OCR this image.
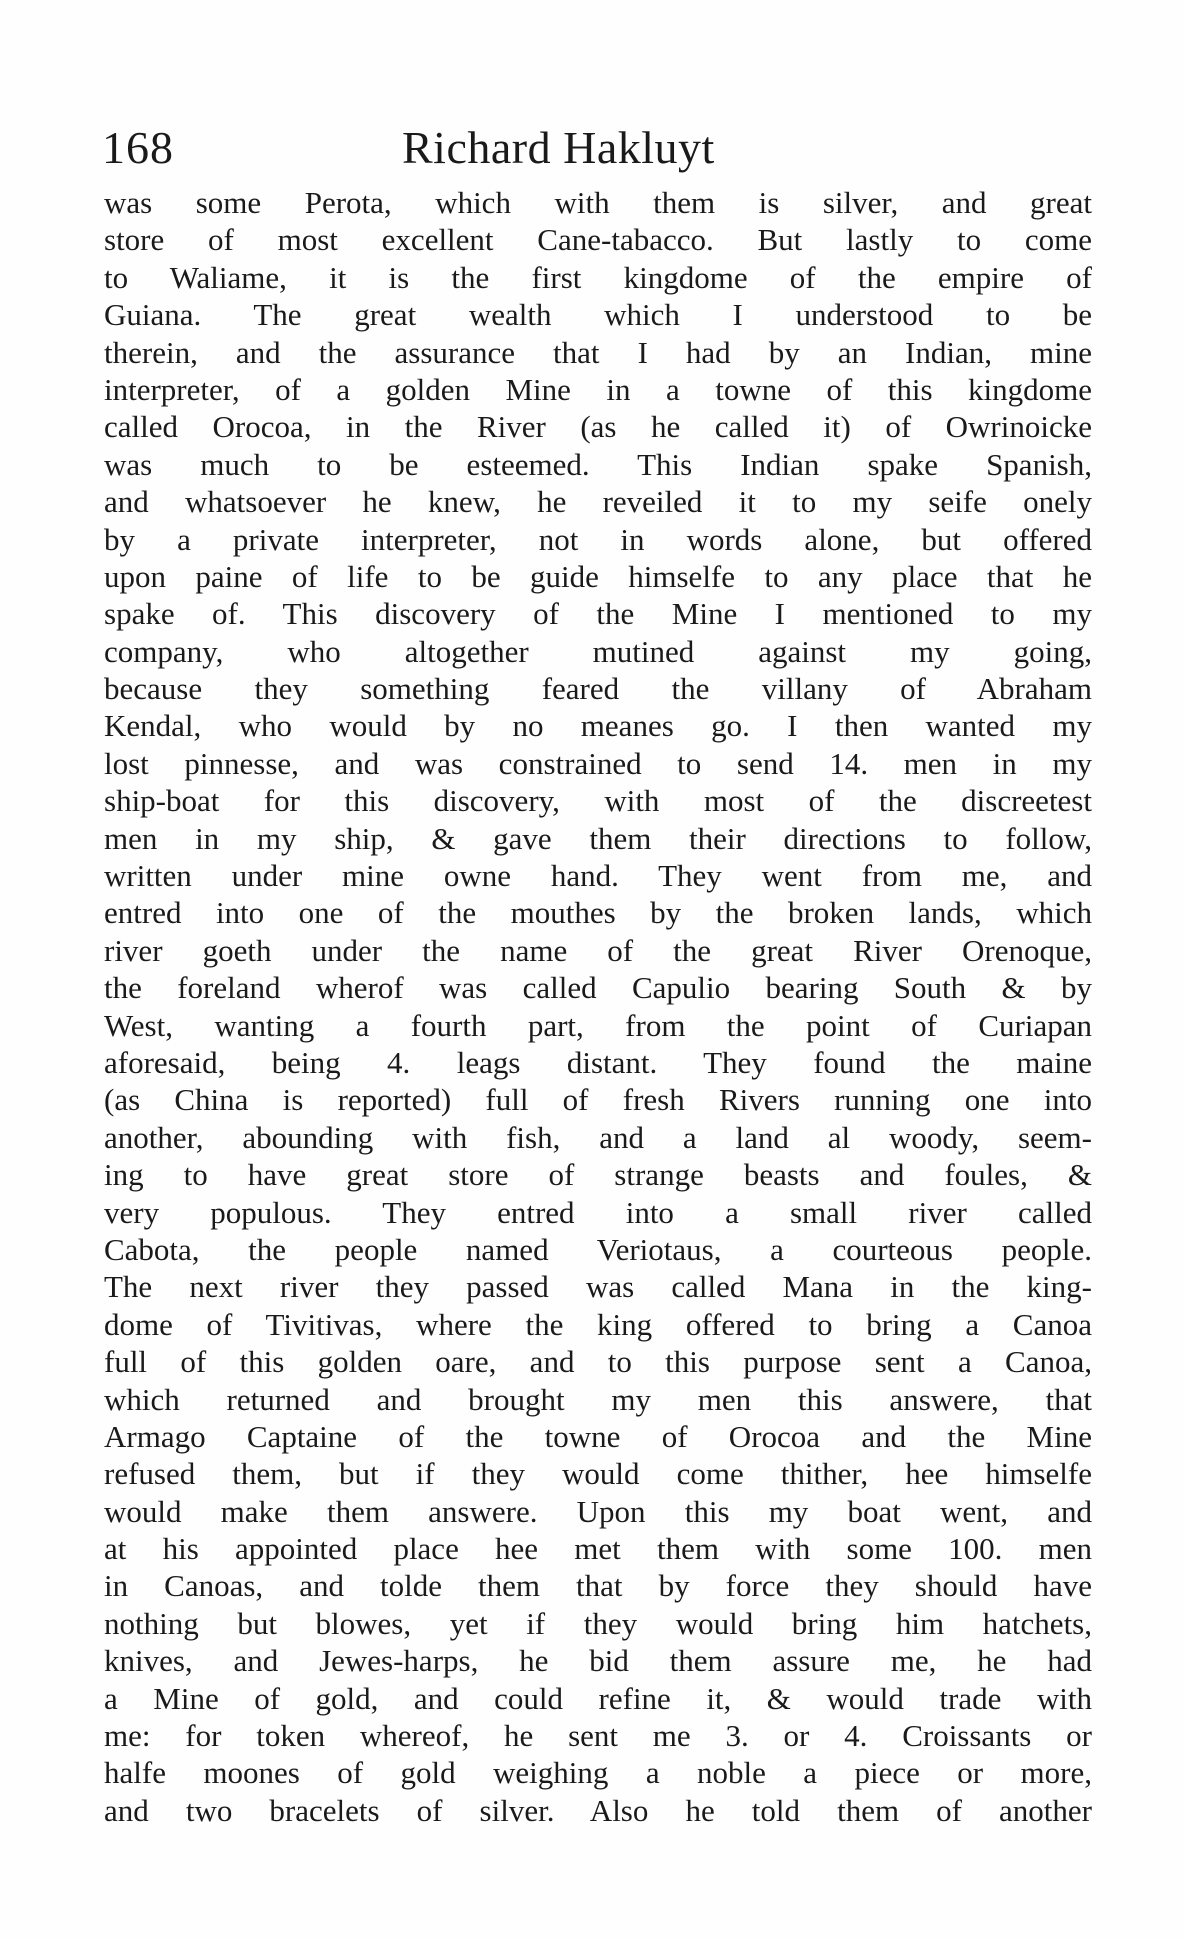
168	Richard Hakluyt
was some Perota, which with them is silver, and great
store of most excellent Cane-tabacco. But lastly to come
to Waliame, it is the first kingdome of the empire of
Guiana. The great wealth which I understood to be
therein, and the assurance that I had by an Indian, mine
interpreter, of a golden Mine in a towne of this kingdome
called Orocoa, in the River (as he called it) of Owrinoicke
was much to be esteemed. This Indian spake Spanish,
and whatsoever he knew, he reveiled it to my seife onely
by a private interpreter, not in words alone, but offered
upon paine of life to be guide himselfe to any place that he
spake of. This discovery of the Mine I mentioned to my
company, who altogether mutined against my going,
because they something feared the villany of Abraham
Kendal, who would by no meanes go. I then wanted my
lost pinnesse, and was constrained to send 14. men in my
ship-boat for this discovery, with most of the discreetest
men in my ship, & gave them their directions to follow,
written under mine owne hand. They went from me, and
entred into one of the mouthes by the broken lands, which
river goeth under the name of the great River Orenoque,
the foreland wherof was called Capulio bearing South & by
West, wanting a fourth part, from the point of Curiapan
aforesaid, being 4. leags distant. They found the maine
(as China is reported) full of fresh Rivers running one into
another, abounding with fish, and a land al woody, seem-
ing to have great store of strange beasts and foules, &
very populous. They entred into a small river called
Cabota, the people named Veriotaus, a courteous people.
The next river they passed was called Mana in the king-
dome of Tivitivas, where the king offered to bring a Canoa
full of this golden oare, and to this purpose sent a Canoa,
which returned and brought my men this answere, that
Armago Captaine of the towne of Orocoa and the Mine
refused them, but if they would come thither, hee himselfe
would make them answere. Upon this my boat went, and
at his appointed place hee met them with some 100. men
in Canoas, and tolde them that by force they should have
nothing but blowes, yet if they would bring him hatchets,
knives, and Jewes-harps, he bid them assure me, he had
a Mine of gold, and could refine it, & would trade with
me: for token whereof, he sent me 3. or 4. Croissants or
halfe moones of gold weighing a noble a piece or more,
and two bracelets of silver. Also he told them of another
